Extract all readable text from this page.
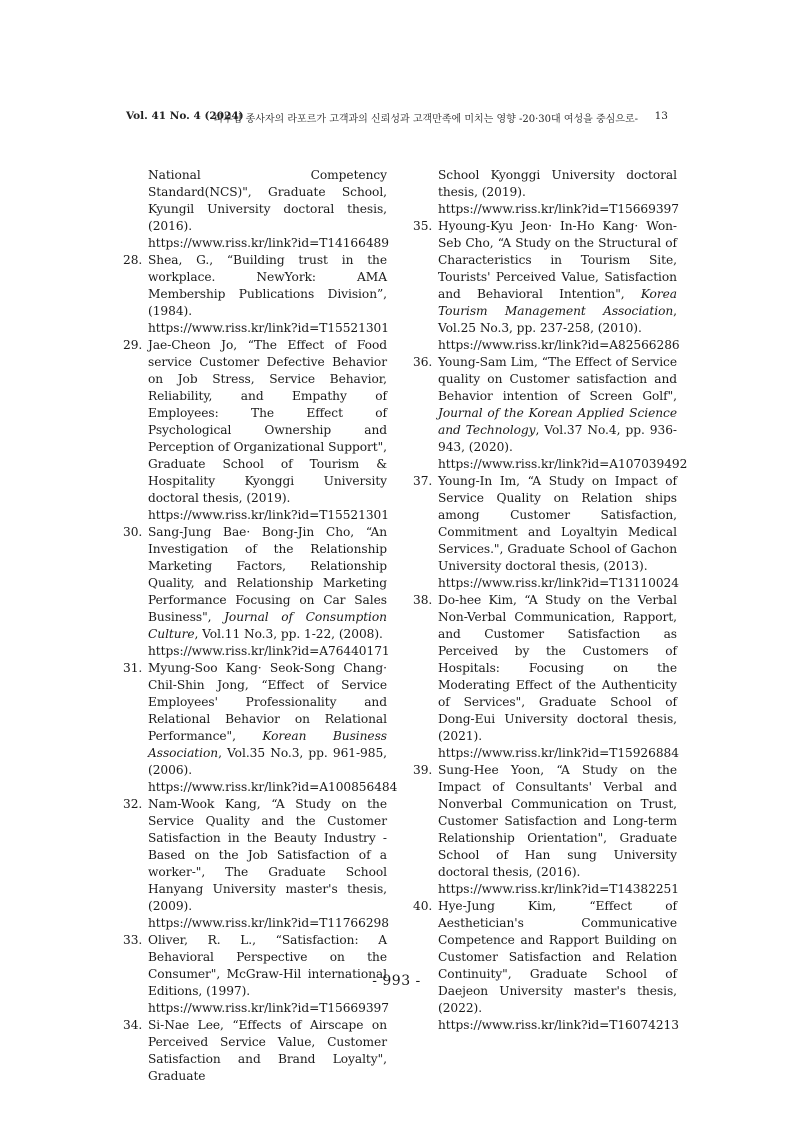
Vol. 41 No. 4 (2024)
피부샵 종사자의 라포르가 고객과의 신뢰성과 고객만족에 미치는 영향 -20·30대 여성을 중심으로- 13
National Competency Standard(NCS)", Graduate School, Kyungil University doctoral thesis, (2016).
https://www.riss.kr/link?id=T14166489
28. Shea, G., “Building trust in the workplace. NewYork: AMA Membership Publications Division”, (1984).
https://www.riss.kr/link?id=T15521301
29. Jae-Cheon Jo, “The Effect of Food service Customer Defective Behavior on Job Stress, Service Behavior, Reliability, and Empathy of Employees: The Effect of Psychological Ownership and Perception of Organizational Support", Graduate School of Tourism & Hospitality Kyonggi University doctoral thesis, (2019).
https://www.riss.kr/link?id=T15521301
30. Sang-Jung Bae· Bong-Jin Cho, “An Investigation of the Relationship Marketing Factors, Relationship Quality, and Relationship Marketing Performance Focusing on Car Sales Business", Journal of Consumption Culture, Vol.11 No.3, pp. 1-22, (2008).
https://www.riss.kr/link?id=A76440171
31. Myung-Soo Kang· Seok-Song Chang· Chil-Shin Jong, “Effect of Service Employees' Professionality and Relational Behavior on Relational Performance", Korean Business Association, Vol.35 No.3, pp. 961-985, (2006).
https://www.riss.kr/link?id=A100856484
32. Nam-Wook Kang, “A Study on the Service Quality and the Customer Satisfaction in the Beauty Industry -Based on the Job Satisfaction of a worker-", The Graduate School Hanyang University master's thesis, (2009).
https://www.riss.kr/link?id=T11766298
33. Oliver, R. L., “Satisfaction: A Behavioral Perspective on the Consumer", McGraw-Hil international Editions, (1997).
https://www.riss.kr/link?id=T15669397
34. Si-Nae Lee, “Effects of Airscape on Perceived Service Value, Customer Satisfaction and Brand Loyalty", Graduate
School Kyonggi University doctoral thesis, (2019).
https://www.riss.kr/link?id=T15669397
35. Hyoung-Kyu Jeon· In-Ho Kang· Won-Seb Cho, “A Study on the Structural of Characteristics in Tourism Site, Tourists' Perceived Value, Satisfaction and Behavioral Intention", Korea Tourism Management Association, Vol.25 No.3, pp. 237-258, (2010).
https://www.riss.kr/link?id=A82566286
36. Young-Sam Lim, “The Effect of Service quality on Customer satisfaction and Behavior intention of Screen Golf", Journal of the Korean Applied Science and Technology, Vol.37 No.4, pp. 936-943, (2020).
https://www.riss.kr/link?id=A107039492
37. Young-In Im, “A Study on Impact of Service Quality on Relation ships among Customer Satisfaction, Commitment and Loyaltyin Medical Services.", Graduate School of Gachon University doctoral thesis, (2013).
https://www.riss.kr/link?id=T13110024
38. Do-hee Kim, “A Study on the Verbal Non-Verbal Communication, Rapport, and Customer Satisfaction as Perceived by the Customers of Hospitals: Focusing on the Moderating Effect of the Authenticity of Services", Graduate School of Dong-Eui University doctoral thesis, (2021).
https://www.riss.kr/link?id=T15926884
39. Sung-Hee Yoon, “A Study on the Impact of Consultants' Verbal and Nonverbal Communication on Trust, Customer Satisfaction and Long-term Relationship Orientation", Graduate School of Han sung University doctoral thesis, (2016).
https://www.riss.kr/link?id=T14382251
40. Hye-Jung Kim, “Effect of Aesthetician's Communicative Competence and Rapport Building on Customer Satisfaction and Relation Continuity", Graduate School of Daejeon University master's thesis, (2022).
https://www.riss.kr/link?id=T16074213
- 993 -
